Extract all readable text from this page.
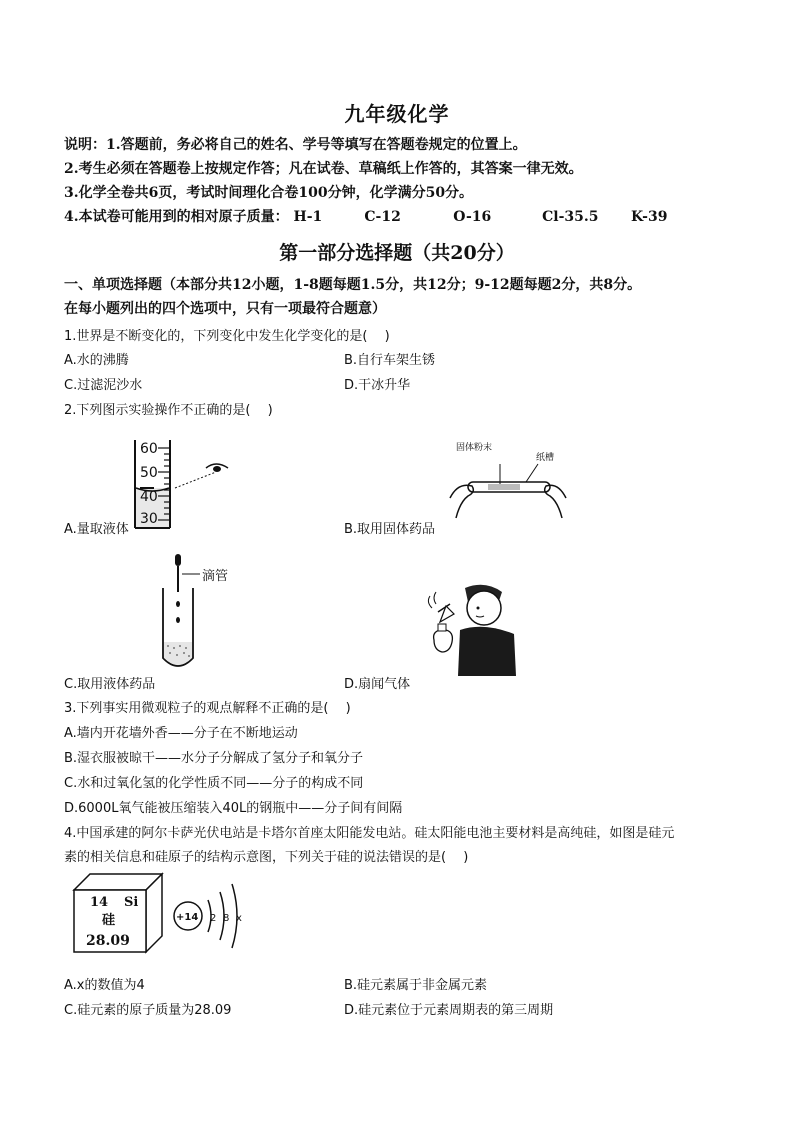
九年级化学
说明：1.答题前，务必将自己的姓名、学号等填写在答题卷规定的位置上。
2.考生必须在答题卷上按规定作答；凡在试卷、草稿纸上作答的，其答案一律无效。
3.化学全卷共6页，考试时间理化合卷100分钟，化学满分50分。
4.本试卷可能用到的相对原子质量： H-1	C-12	O-16	Cl-35.5 K-39
第一部分选择题（共20分）
一、单项选择题（本部分共12小题，1-8题每题1.5分，共12分；9-12题每题2分，共8分。
在每小题列出的四个选项中，只有一项最符合题意）
1.世界是不断变化的，下列变化中发生化学变化的是(　 )
A.水的沸腾	B.自行车架生锈
C.过滤泥沙水	D.干冰升华
2.下列图示实验操作不正确的是(　 )
60
50
40
30
A.量取液体
固体粉末
纸槽
B.取用固体药品
滴管
C.取用液体药品	D.扇闻气体
3.下列事实用微观粒子的观点解释不正确的是(　 )
A.墙内开花墙外香——分子在不断地运动
B.湿衣服被晾干——水分子分解成了氢分子和氧分子
C.水和过氧化氢的化学性质不同——分子的构成不同
D.6000L氧气能被压缩装入40L的钢瓶中——分子间有间隔
4.中国承建的阿尔卡萨光伏电站是卡塔尔首座太阳能发电站。硅太阳能电池主要材料是高纯硅，如图是硅元
素的相关信息和硅原子的结构示意图，下列关于硅的说法错误的是(　 )
14 Si
硅
28.09
+14 2 8 x
A.x的数值为4	B.硅元素属于非金属元素
C.硅元素的原子质量为28.09	D.硅元素位于元素周期表的第三周期
